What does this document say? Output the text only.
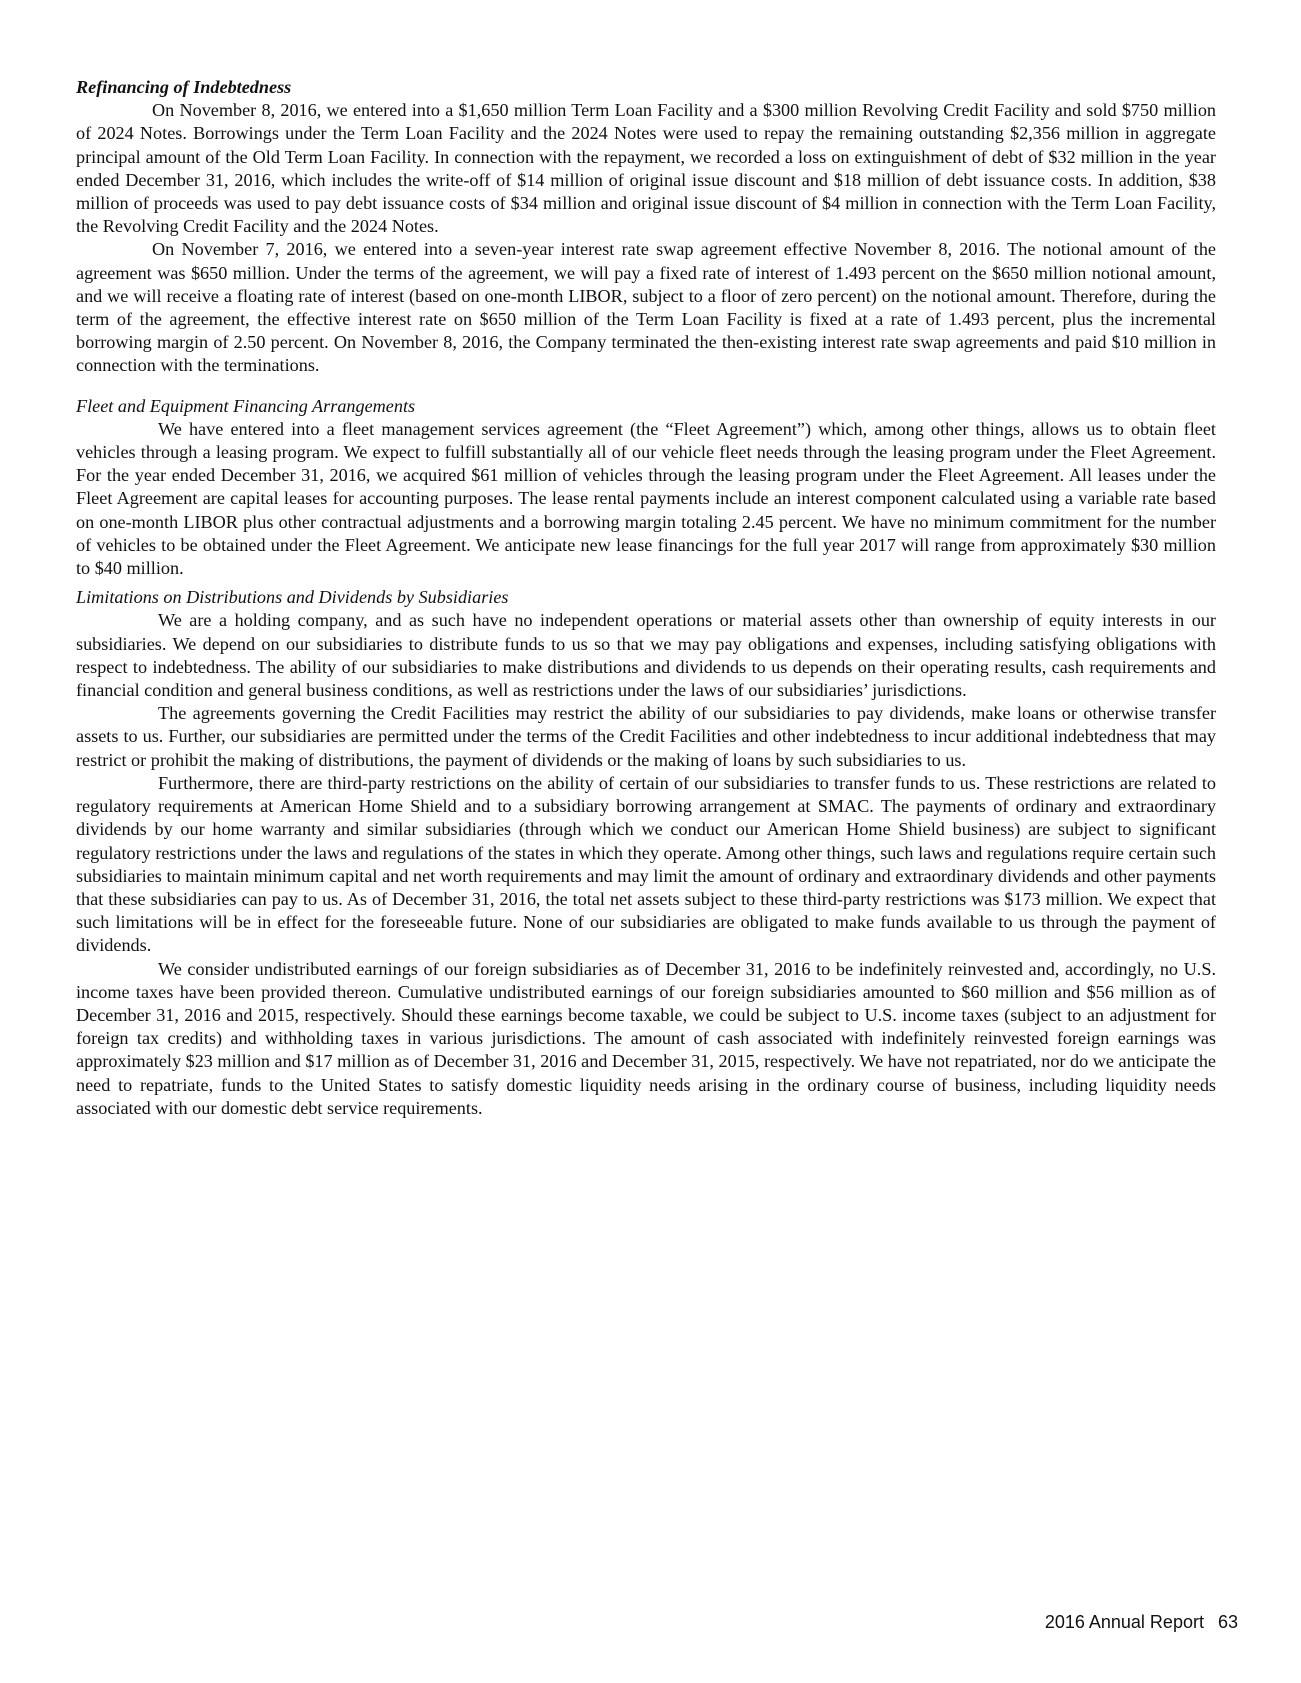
Refinancing of Indebtedness

On November 8, 2016, we entered into a $1,650 million Term Loan Facility and a $300 million Revolving Credit Facility and sold $750 million of 2024 Notes. Borrowings under the Term Loan Facility and the 2024 Notes were used to repay the remaining outstanding $2,356 million in aggregate principal amount of the Old Term Loan Facility. In connection with the repayment, we recorded a loss on extinguishment of debt of $32 million in the year ended December 31, 2016, which includes the write-off of $14 million of original issue discount and $18 million of debt issuance costs. In addition, $38 million of proceeds was used to pay debt issuance costs of $34 million and original issue discount of $4 million in connection with the Term Loan Facility, the Revolving Credit Facility and the 2024 Notes.

On November 7, 2016, we entered into a seven-year interest rate swap agreement effective November 8, 2016. The notional amount of the agreement was $650 million. Under the terms of the agreement, we will pay a fixed rate of interest of 1.493 percent on the $650 million notional amount, and we will receive a floating rate of interest (based on one-month LIBOR, subject to a floor of zero percent) on the notional amount. Therefore, during the term of the agreement, the effective interest rate on $650 million of the Term Loan Facility is fixed at a rate of 1.493 percent, plus the incremental borrowing margin of 2.50 percent. On November 8, 2016, the Company terminated the then-existing interest rate swap agreements and paid $10 million in connection with the terminations.

Fleet and Equipment Financing Arrangements

We have entered into a fleet management services agreement (the “Fleet Agreement”) which, among other things, allows us to obtain fleet vehicles through a leasing program. We expect to fulfill substantially all of our vehicle fleet needs through the leasing program under the Fleet Agreement. For the year ended December 31, 2016, we acquired $61 million of vehicles through the leasing program under the Fleet Agreement. All leases under the Fleet Agreement are capital leases for accounting purposes. The lease rental payments include an interest component calculated using a variable rate based on one-month LIBOR plus other contractual adjustments and a borrowing margin totaling 2.45 percent. We have no minimum commitment for the number of vehicles to be obtained under the Fleet Agreement. We anticipate new lease financings for the full year 2017 will range from approximately $30 million to $40 million.

Limitations on Distributions and Dividends by Subsidiaries

We are a holding company, and as such have no independent operations or material assets other than ownership of equity interests in our subsidiaries. We depend on our subsidiaries to distribute funds to us so that we may pay obligations and expenses, including satisfying obligations with respect to indebtedness. The ability of our subsidiaries to make distributions and dividends to us depends on their operating results, cash requirements and financial condition and general business conditions, as well as restrictions under the laws of our subsidiaries’ jurisdictions.

The agreements governing the Credit Facilities may restrict the ability of our subsidiaries to pay dividends, make loans or otherwise transfer assets to us. Further, our subsidiaries are permitted under the terms of the Credit Facilities and other indebtedness to incur additional indebtedness that may restrict or prohibit the making of distributions, the payment of dividends or the making of loans by such subsidiaries to us.

Furthermore, there are third-party restrictions on the ability of certain of our subsidiaries to transfer funds to us. These restrictions are related to regulatory requirements at American Home Shield and to a subsidiary borrowing arrangement at SMAC. The payments of ordinary and extraordinary dividends by our home warranty and similar subsidiaries (through which we conduct our American Home Shield business) are subject to significant regulatory restrictions under the laws and regulations of the states in which they operate. Among other things, such laws and regulations require certain such subsidiaries to maintain minimum capital and net worth requirements and may limit the amount of ordinary and extraordinary dividends and other payments that these subsidiaries can pay to us. As of December 31, 2016, the total net assets subject to these third-party restrictions was $173 million. We expect that such limitations will be in effect for the foreseeable future. None of our subsidiaries are obligated to make funds available to us through the payment of dividends.

We consider undistributed earnings of our foreign subsidiaries as of December 31, 2016 to be indefinitely reinvested and, accordingly, no U.S. income taxes have been provided thereon. Cumulative undistributed earnings of our foreign subsidiaries amounted to $60 million and $56 million as of December 31, 2016 and 2015, respectively. Should these earnings become taxable, we could be subject to U.S. income taxes (subject to an adjustment for foreign tax credits) and withholding taxes in various jurisdictions. The amount of cash associated with indefinitely reinvested foreign earnings was approximately $23 million and $17 million as of December 31, 2016 and December 31, 2015, respectively. We have not repatriated, nor do we anticipate the need to repatriate, funds to the United States to satisfy domestic liquidity needs arising in the ordinary course of business, including liquidity needs associated with our domestic debt service requirements.

2016 Annual Report 63
